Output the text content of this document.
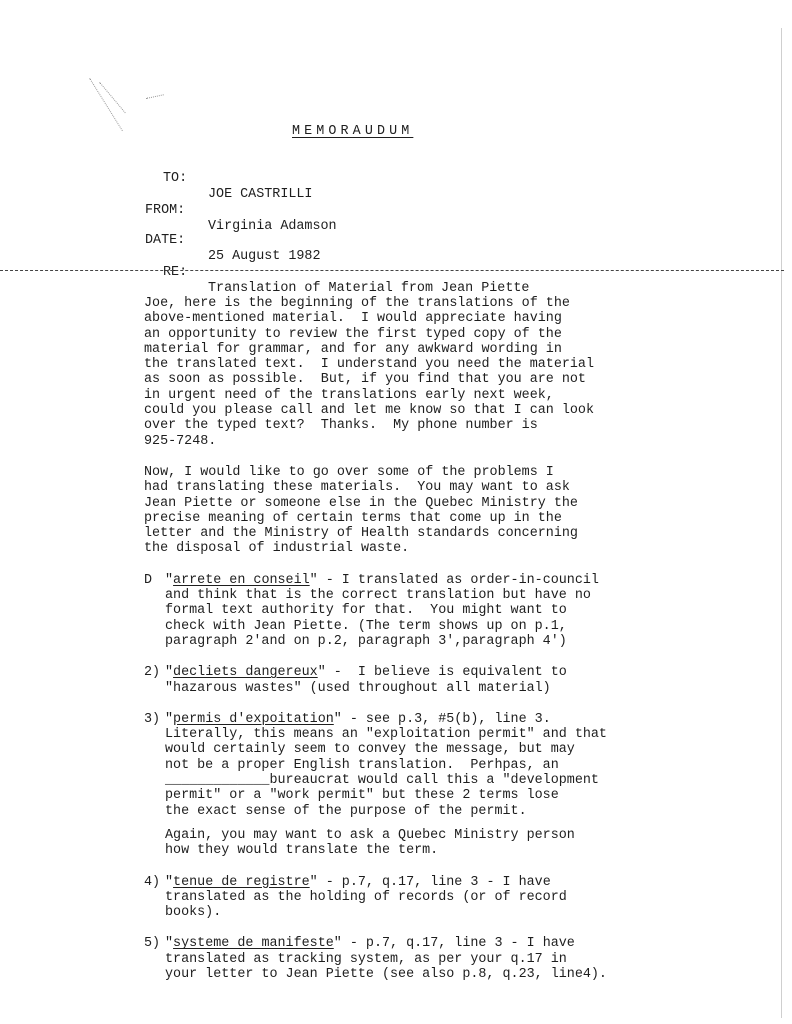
MEMORAUDUM

TO:

JOE CASTRILLI

FROM:

Virginia Adamson

DATE:

25 August 1982

RE:

Translation of Material from Jean Piette

Joe, here is the beginning of the translations of the
above-mentioned material.  I would appreciate having
an opportunity to review the first typed copy of the
material for grammar, and for any awkward wording in
the translated text.  I understand you need the material
as soon as possible.  But, if you find that you are not
in urgent need of the translations early next week,
could you please call and let me know so that I can look
over the typed text?  Thanks.  My phone number is
925-7248.
Now, I would like to go over some of the problems I
had translating these materials.  You may want to ask
Jean Piette or someone else in the Quebec Ministry the
precise meaning of certain terms that come up in the
letter and the Ministry of Health standards concerning
the disposal of industrial waste.
D "arrete en conseil" - I translated as order-in-council
and think that is the correct translation but have no
formal text authority for that.  You might want to
check with Jean Piette. (The term shows up on p.1,
paragraph 2'and on p.2, paragraph 3',paragraph 4')
2) "decliets dangereux" -  I believe is equivalent to
"hazarous wastes" (used throughout all material)
3) "permis d'expoitation" - see p.3, #5(b), line 3.
Literally, this means an "exploitation permit" and that
would certainly seem to convey the message, but may
not be a proper English translation.  Perhpas, an
_____________bureaucrat would call this a "development
permit" or a "work permit" but these 2 terms lose
the exact sense of the purpose of the permit.
Again, you may want to ask a Quebec Ministry person
how they would translate the term.
4) "tenue de registre" - p.7, q.17, line 3 - I have
translated as the holding of records (or of record
books).
5) "systeme de manifeste" - p.7, q.17, line 3 - I have
translated as tracking system, as per your q.17 in
your letter to Jean Piette (see also p.8, q.23, line4).
